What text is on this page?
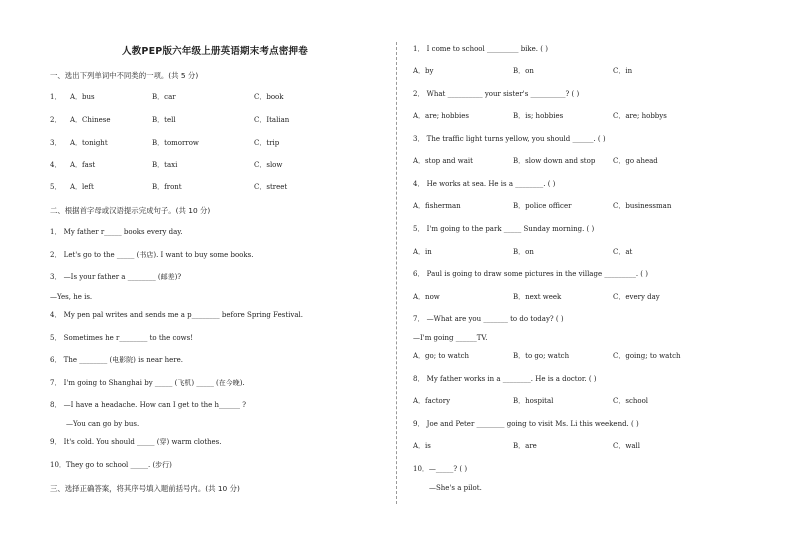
人教PEP版六年级上册英语期末考点密押卷
一、选出下列单词中不同类的一项。(共 5 分)
1． A．bus	B．car	C．book
2． A．Chinese	B．tell	C．Italian
3． A．tonight	B．tomorrow	C．trip
4． A．fast	B．taxi	C．slow
5． A．left	B．front	C．street
二、根据首字母或汉语提示完成句子。(共 10 分)
1． My father r_____ books every day.
2． Let's go to the _____ (书店). I want to buy some books.
3． —Is your father a ________ (邮差)?
—Yes, he is.
4． My pen pal writes and sends me a p________ before Spring Festival.
5． Sometimes he r________ to the cows!
6． The ________ (电影院) is near here.
7． I'm going to Shanghai by _____ (飞机) _____ (在今晚).
8． —I have a headache. How can I get to the h______ ?
—You can go by bus.
9． It's cold. You should _____ (穿) warm clothes.
10．They go to school _____. (步行)
三、选择正确答案，将其序号填入题前括号内。(共 10 分)
1． I come to school _________ bike. ( )
A．by	B．on	C．in
2． What __________ your sister's __________? ( )
A．are; hobbies	B．is; hobbies	C．are; hobbys
3． The traffic light turns yellow, you should ______. ( )
A．stop and wait	B．slow down and stop	C．go ahead
4． He works at sea. He is a ________. ( )
A．fisherman	B．police officer	C．businessman
5． I'm going to the park _____ Sunday morning. ( )
A．in	B．on	C．at
6． Paul is going to draw some pictures in the village _________. ( )
A．now	B．next week	C．every day
7． —What are you _______ to do today? ( )
—I'm going ______TV.
A．go; to watch	B．to go; watch	C．going; to watch
8． My father works in a ________. He is a doctor. ( )
A．factory	B．hospital	C．school
9． Joe and Peter ________ going to visit Ms. Li this weekend. ( )
A．is	B．are	C．wall
10．—_____? ( )
—She's a pilot.
